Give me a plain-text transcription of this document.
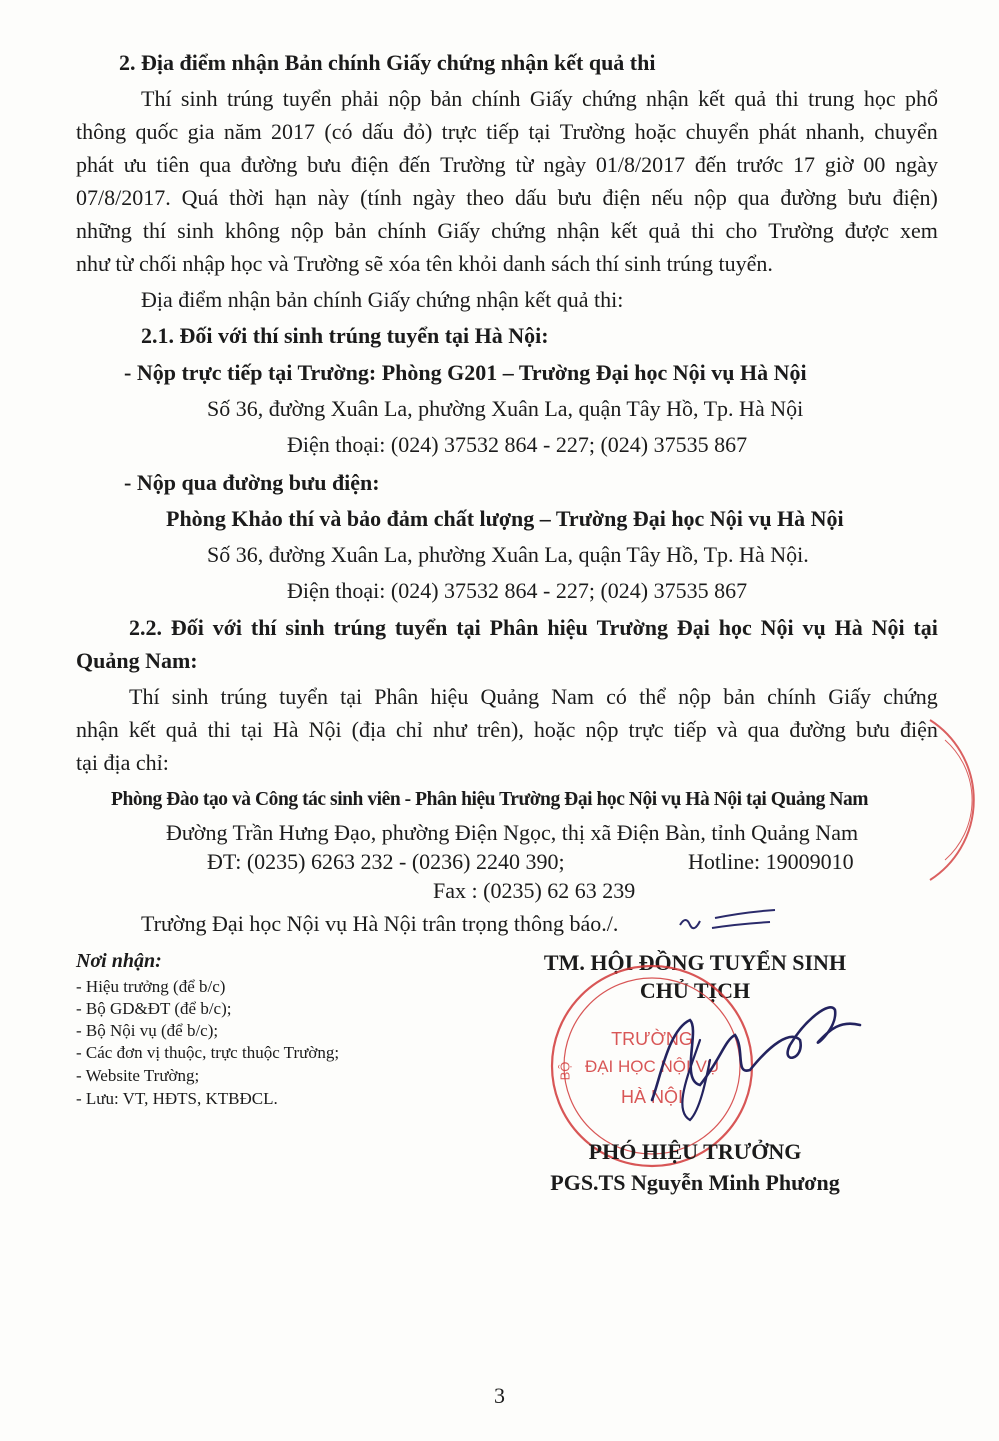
2. Địa điểm nhận Bản chính Giấy chứng nhận kết quả thi
Thí sinh trúng tuyển phải nộp bản chính Giấy chứng nhận kết quả thi trung học phổ
thông quốc gia năm 2017 (có dấu đỏ) trực tiếp tại Trường hoặc chuyển phát nhanh, chuyển
phát ưu tiên qua đường bưu điện đến Trường từ ngày 01/8/2017 đến trước 17 giờ 00 ngày
07/8/2017. Quá thời hạn này (tính ngày theo dấu bưu điện nếu nộp qua đường bưu điện)
những thí sinh không nộp bản chính Giấy chứng nhận kết quả thi cho Trường được xem
như từ chối nhập học và Trường sẽ xóa tên khỏi danh sách thí sinh trúng tuyển.
Địa điểm nhận bản chính Giấy chứng nhận kết quả thi:
2.1. Đối với thí sinh trúng tuyển tại Hà Nội:
- Nộp trực tiếp tại Trường: Phòng G201 – Trường Đại học Nội vụ Hà Nội
Số 36, đường Xuân La, phường Xuân La, quận Tây Hồ, Tp. Hà Nội
Điện thoại: (024) 37532 864 - 227; (024) 37535 867
- Nộp qua đường bưu điện:
Phòng Khảo thí và bảo đảm chất lượng – Trường Đại học Nội vụ Hà Nội
Số 36, đường Xuân La, phường Xuân La, quận Tây Hồ, Tp. Hà Nội.
Điện thoại: (024) 37532 864 - 227; (024) 37535 867
2.2. Đối với thí sinh trúng tuyển tại Phân hiệu Trường Đại học Nội vụ Hà Nội tại
Quảng Nam:
Thí sinh trúng tuyển tại Phân hiệu Quảng Nam có thể nộp bản chính Giấy chứng
nhận kết quả thi tại Hà Nội (địa chỉ như trên), hoặc nộp trực tiếp và qua đường bưu điện
tại địa chỉ:
Phòng Đào tạo và Công tác sinh viên - Phân hiệu Trường Đại học Nội vụ Hà Nội tại Quảng Nam
Đường Trần Hưng Đạo, phường Điện Ngọc, thị xã Điện Bàn, tỉnh Quảng Nam
ĐT: (0235) 6263 232 - (0236) 2240 390;	Hotline: 19009010
Fax : (0235) 62 63 239
Trường Đại học Nội vụ Hà Nội trân trọng thông báo./.
Nơi nhận:
- Hiệu trưởng (để b/c)
- Bộ GD&ĐT (để b/c);
- Bộ Nội vụ (để b/c);
- Các đơn vị thuộc, trực thuộc Trường;
- Website Trường;
- Lưu: VT, HĐTS, KTBĐCL.
TM. HỘI ĐỒNG TUYỂN SINH
CHỦ TỊCH
TRƯỜNG
ĐẠI HỌC NỘI VỤ
HÀ NỘI
BỘ
PHÓ HIỆU TRƯỞNG
PGS.TS Nguyễn Minh Phương
3
